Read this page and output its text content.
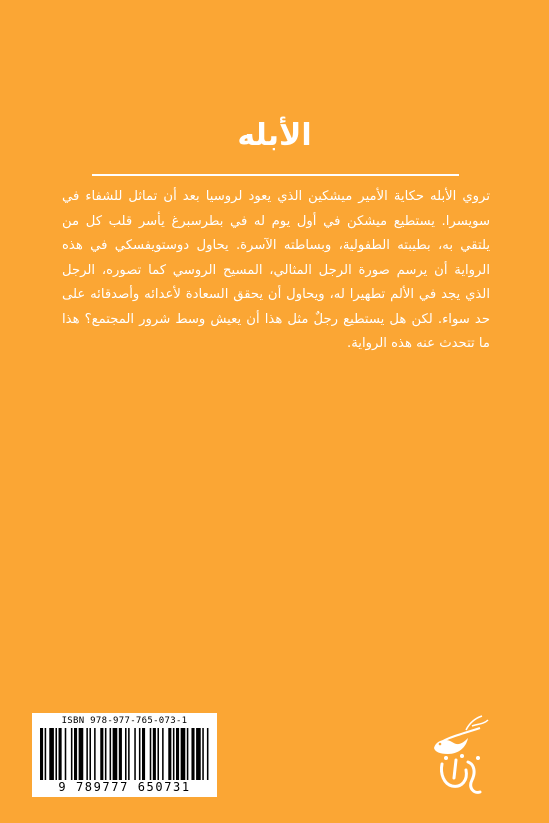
الأبله
تروي الأبله حكاية الأمير ميشكين الذي يعود لروسيا بعد أن تماثل للشفاء في سويسرا. يستطيع ميشكن في أول يوم له في بطرسبرغ يأسر قلب كل من يلتقي به، بطيبته الطفولية، وبساطته الآسرة. يحاول دوستويفسكي في هذه الرواية أن يرسم صورة الرجل المثالي، المسيح الروسي كما تصوره، الرجل الذي يجد في الألم تطهيرا له، ويحاول أن يحقق السعادة لأعدائه وأصدقائه على حد سواء. لكن هل يستطيع رجلٌ مثل هذا أن يعيش وسط شرور المجتمع؟ هذا ما تتحدث عنه هذه الرواية.
ISBN 978-977-765-073-1
9 789777 650731
